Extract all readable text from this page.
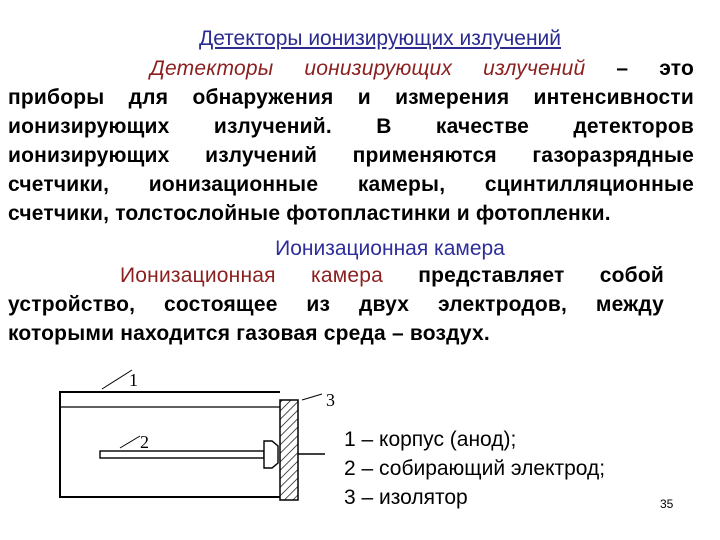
Детекторы ионизирующих излучений
Детекторы ионизирующих излучений – это
приборы для обнаружения и измерения интенсивности
ионизирующих излучений. В качестве детекторов
ионизирующих излучений применяются газоразрядные
счетчики, ионизационные камеры, сцинтилляционные
счетчики, толстослойные фотопластинки и фотопленки.
Ионизационная камера
Ионизационная камера представляет собой
устройство, состоящее из двух электродов, между
которыми находится газовая среда – воздух.
1
2
3
1 – корпус (анод);
2 – собирающий электрод;
3 – изолятор	35
